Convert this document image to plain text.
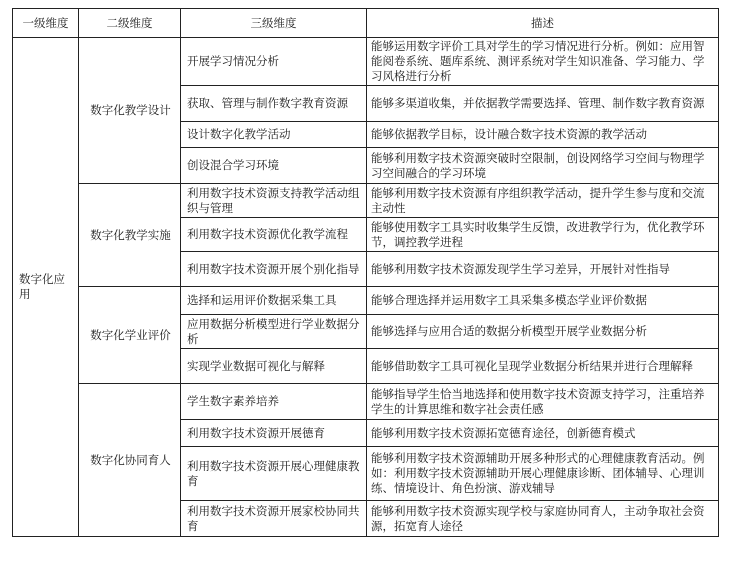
一级维度	二级维度	三级维度	描述
数字化应用	数字化教学设计	开展学习情况分析	能够运用数字评价工具对学生的学习情况进行分析。例如：应用智能阅卷系统、题库系统、测评系统对学生知识准备、学习能力、学习风格进行分析
		获取、管理与制作数字教育资源	能够多渠道收集，并依据教学需要选择、管理、制作数字教育资源
		设计数字化教学活动	能够依据教学目标，设计融合数字技术资源的教学活动
		创设混合学习环境	能够利用数字技术资源突破时空限制，创设网络学习空间与物理学习空间融合的学习环境
	数字化教学实施	利用数字技术资源支持教学活动组织与管理	能够利用数字技术资源有序组织教学活动，提升学生参与度和交流主动性
		利用数字技术资源优化教学流程	能够使用数字工具实时收集学生反馈，改进教学行为，优化教学环节，调控教学进程
		利用数字技术资源开展个别化指导	能够利用数字技术资源发现学生学习差异，开展针对性指导
	数字化学业评价	选择和运用评价数据采集工具	能够合理选择并运用数字工具采集多模态学业评价数据
		应用数据分析模型进行学业数据分析	能够选择与应用合适的数据分析模型开展学业数据分析
		实现学业数据可视化与解释	能够借助数字工具可视化呈现学业数据分析结果并进行合理解释
	数字化协同育人	学生数字素养培养	能够指导学生恰当地选择和使用数字技术资源支持学习，注重培养学生的计算思维和数字社会责任感
		利用数字技术资源开展德育	能够利用数字技术资源拓宽德育途径，创新德育模式
		利用数字技术资源开展心理健康教育	能够利用数字技术资源辅助开展多种形式的心理健康教育活动。例如：利用数字技术资源辅助开展心理健康诊断、团体辅导、心理训练、情境设计、角色扮演、游戏辅导
		利用数字技术资源开展家校协同共育	能够利用数字技术资源实现学校与家庭协同育人，主动争取社会资源，拓宽育人途径
